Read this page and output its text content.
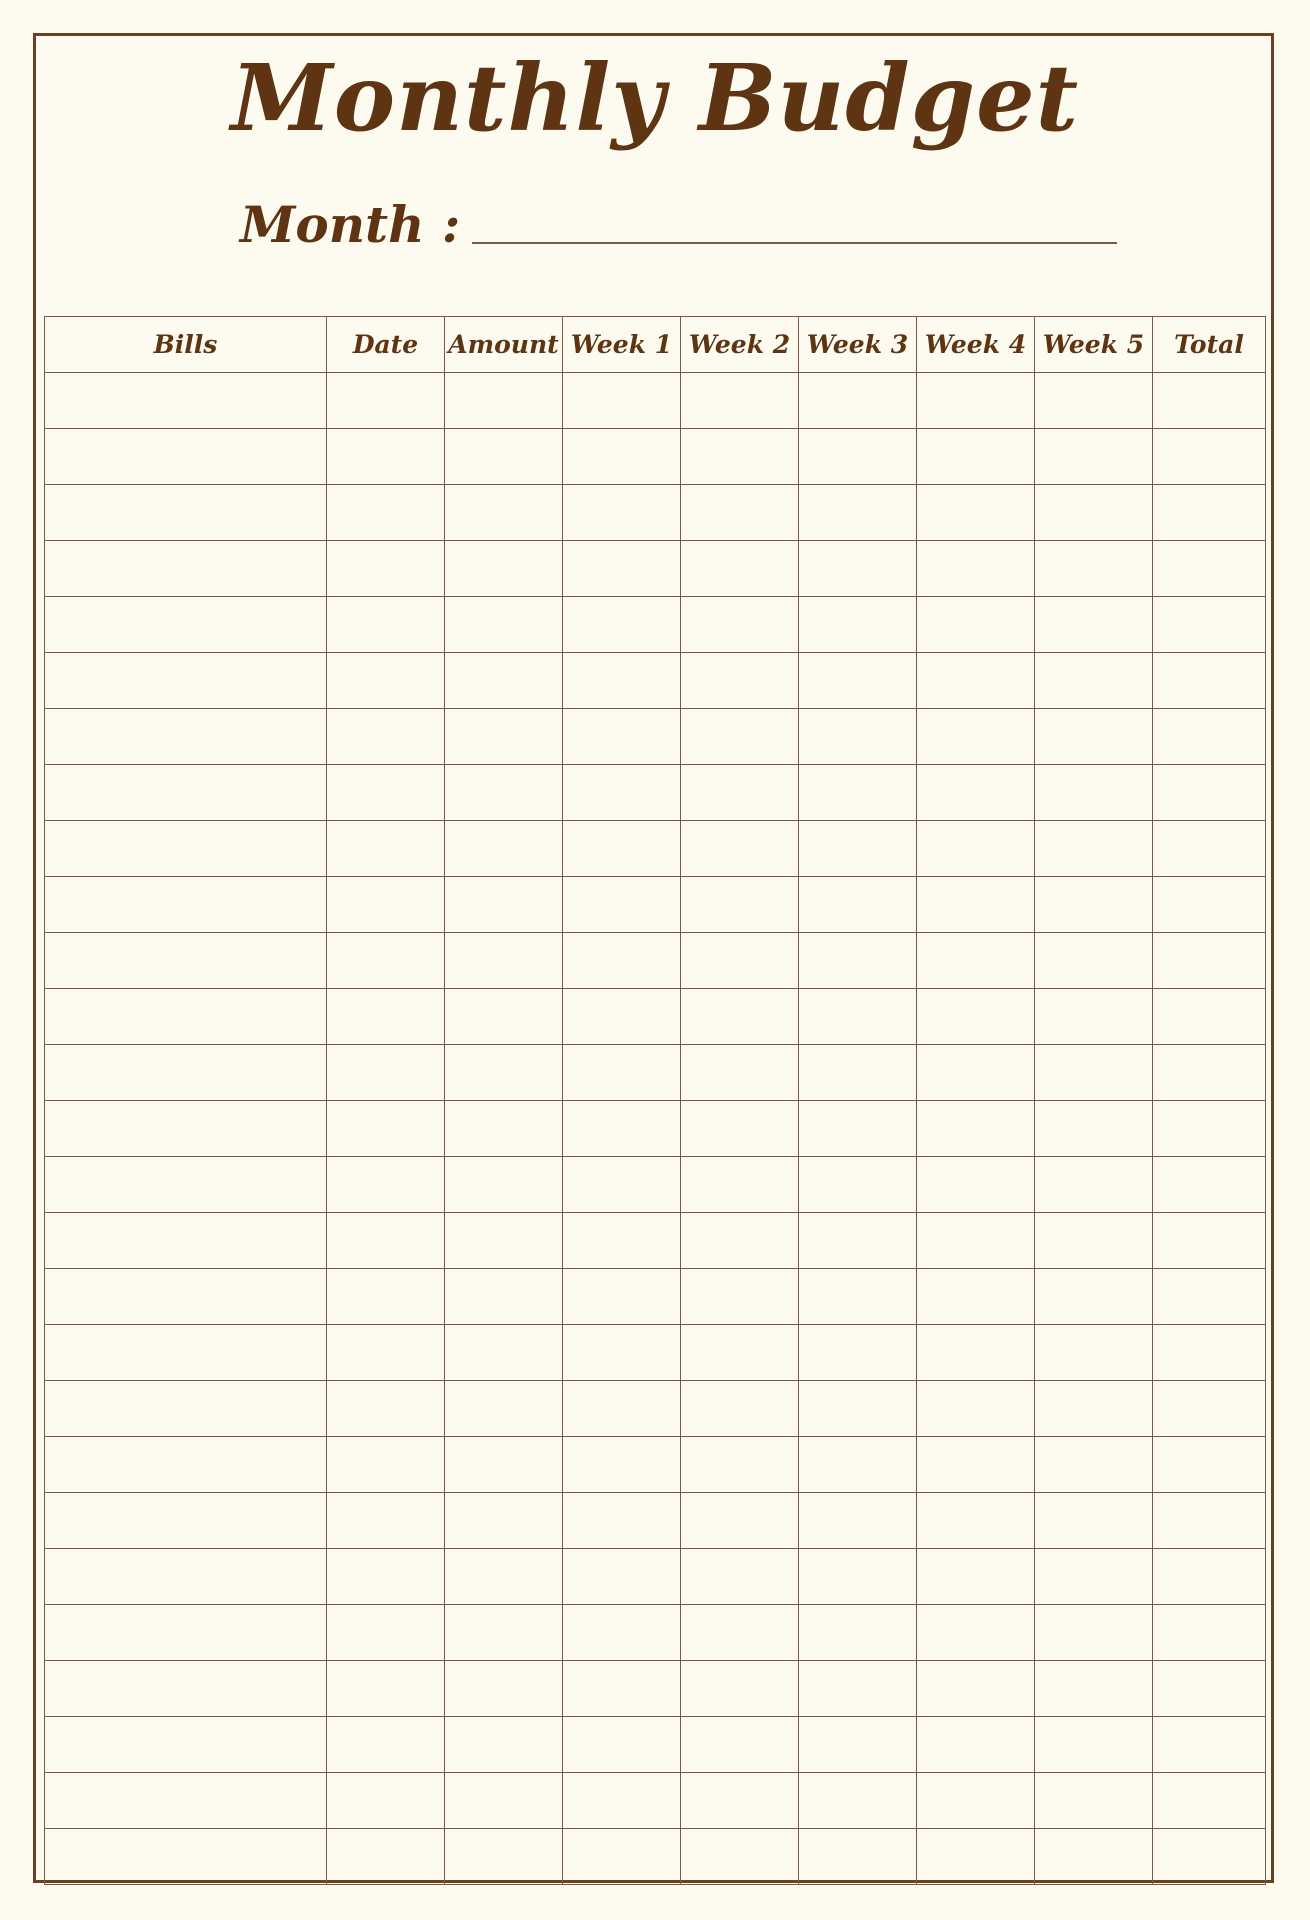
Monthly Budget
Month :
Bills	Date	Amount	Week 1	Week 2	Week 3	Week 4	Week 5	Total
